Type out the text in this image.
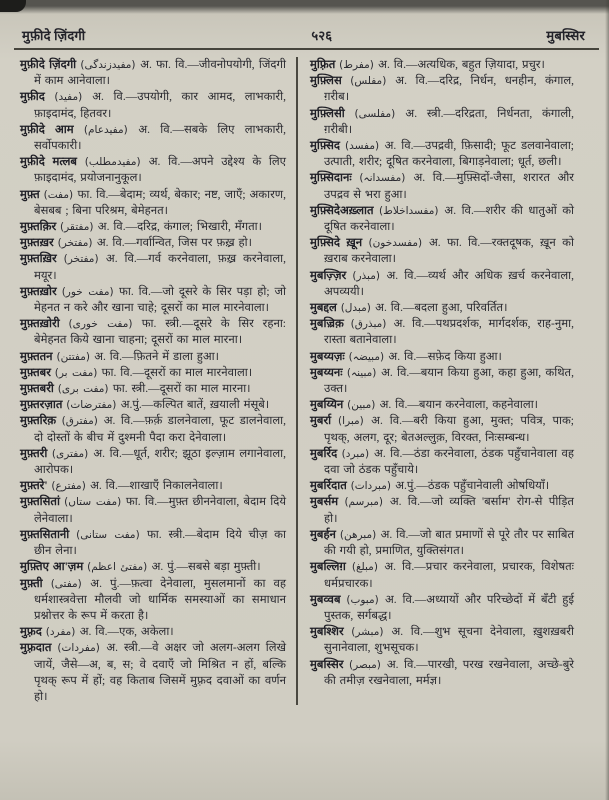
मुफ़ीदे ज़िंदगी	५२६	मुबस्सिर

मुफ़ीदे ज़िंदगी (‎مفیدزندگی‎) अ. फा. वि.—जीवनोपयोगी, जिंदगी में काम आनेवाला।

मुफ़ीद (‎مفید‎) अ. वि.—उपयोगी, कार आमद, लाभकारी, फ़ाइदामंद, हितवर।

मुफ़ीदे आम (‎مفیدعام‎) अ. वि.—सबके लिए लाभकारी, सर्वोपकारी।

मुफ़ीदे मत्लब (‎مفیدمطلب‎) अ. वि.—अपने उद्देश्य के लिए फ़ाइदामंद, प्रयोजनानुकूल।

मुफ़्त (‎مفت‎) फा. वि.—बेदाम; व्यर्थ, बेकार; नष्ट, जाएँ; अकारण, बेसबब ; बिना परिश्रम, बेमेहनत।

मुफ़्तक़िर (‎مفتقر‎) अ. वि.—दरिद्र, कंगाल; भिखारी, मँगता।

मुफ़्तख़र (‎مفتخر‎) अ. वि.—गर्वान्वित, जिस पर फ़ख़्र हो।

मुफ़्तख़िर (‎مفتخر‎) अ. वि.—गर्व करनेवाला, फ़ख़्र करनेवाला, मयूर।

मुफ़्तख़ोर (‎مفت خور‎) फा. वि.—जो दूसरे के सिर पड़ा हो; जो मेहनत न करे और खाना चाहे; दूसरों का माल मारनेवाला।

मुफ़्तख़ोरी (‎مفت خوری‎) फा. स्त्री.—दूसरे के सिर रहना: बेमेहनत किये खाना चाहना; दूसरों का माल मारना।

मुफ़्ततन (‎مفتتن‎) अ. वि.—फ़ितने में डाला हुआ।

मुफ़्तबर (‎مفت بر‎) फा. वि.—दूसरों का माल मारनेवाला।

मुफ़्तबरी (‎مفت بری‎) फा. स्त्री.—दूसरों का माल मारना।

मुफ़्तरज़ात (‎مفترضات‎) अ.पुं.—कल्पित बातें, ख़याली मंसूबे।

मुफ़्तरिक़ (‎مفترق‎) अ. वि.—फ़र्क़ डालनेवाला, फूट डालनेवाला, दो दोस्तों के बीच में दुश्मनी पैदा करा देनेवाला।

मुफ़्तरी (‎مفتری‎) अ. वि.—धूर्त, शरीर; झूठा इल्ज़ाम लगानेवाला, आरोपक।

मुफ़्तरे' (‎مفترع‎) अ. वि.—शाखाएँ निकालनेवाला।

मुफ़्तसितां (‎مفت ستاں‎) फा. वि.—मुफ़्त छीननेवाला, बेदाम दिये लेनेवाला।

मुफ़्तसितानी (‎مفت ستانی‎) फा. स्त्री.—बेदाम दिये चीज़ का छीन लेना।

मुफ़्तिए आ'ज़म (‎مفتئ اعظم‎) अ. पुं.—सबसे बड़ा मुफ़्ती।

मुफ़्ती (‎مفتی‎) अ. पुं.—फ़त्वा देनेवाला, मुसलमानों का वह धर्मशास्त्रवेत्ता मौलवी जो धार्मिक समस्याओं का समाधान प्रश्नोत्तर के रूप में करता है।

मुफ़्रद (‎مفرد‎) अ. वि.—एक, अकेला।

मुफ़्रदात (‎مفردات‎) अ. स्त्री.—वे अक्षर जो अलग-अलग लिखे जायें, जैसे—अ, ब, स; वे दवाएँ जो मिश्रित न हों, बल्कि पृथक् रूप में हों; वह किताब जिसमें मुफ़्रद दवाओं का वर्णन हो।

मुफ़्रित (‎مفرط‎) अ. वि.—अत्यधिक, बहुत ज़ियादा, प्रचुर।

मुफ़्लिस (‎مفلس‎) अ. वि.—दरिद्र, निर्धन, धनहीन, कंगाल, ग़रीब।

मुफ़्लिसी (‎مفلسی‎) अ. स्त्री.—दरिद्रता, निर्धनता, कंगाली, ग़रीबी।

मुफ़्सिद (‎مفسد‎) अ. वि.—उपद्रवी, फ़िसादी; फूट डलवानेवाला; उत्पाती, शरीर; दूषित करनेवाला, बिगाड़नेवाला; धूर्त, छली।

मुफ़्सिदानः (‎مفسدانہ‎) अ. वि.—मुफ़्सिदों-जैसा, शरारत और उपद्रव से भरा हुआ।

मुफ़्सिदेअख़्लात (‎مفسداخلاط‎) अ. वि.—शरीर की धातुओं को दूषित करनेवाला।

मुफ़्सिदे ख़ून (‎مفسدخون‎) अ. फा. वि.—रक्तदूषक, ख़ून को ख़राब करनेवाला।

मुबज़्ज़िर (‎مبذر‎) अ. वि.—व्यर्थ और अधिक ख़र्च करनेवाला, अपव्ययी।

मुबद्दल (‎مبدل‎) अ. वि.—बदला हुआ, परिवर्तित।

मुबज़्रिक़ (‎مبذرق‎) अ. वि.—पथप्रदर्शक, मार्गदर्शक, राह-नुमा, रास्ता बतानेवाला।

मुबय्यज़ः (‎مبیضہ‎) अ. वि.—सफ़ेद किया हुआ।

मुबय्यनः (‎مبینہ‎) अ. वि.—बयान किया हुआ, कहा हुआ, कथित, उक्त।

मुबय्यिन (‎مبین‎) अ. वि.—बयान करनेवाला, कहनेवाला।

मुबर्रा (‎مبرا‎) अ. वि.—बरी किया हुआ, मुक्त; पवित्र, पाक; पृथक्, अलग, दूर; बेतअल्लुक़, विरक्त, निःसम्बन्ध।

मुबर्रिद (‎مبرد‎) अ. वि.—ठंडा करनेवाला, ठंडक पहुँचानेवाला वह दवा जो ठंडक पहुँचाये।

मुबर्रिदात (‎مبردات‎) अ.पुं.—ठंडक पहुँचानेवाली ओषधियाँ।

मुबर्सम (‎مبرسم‎) अ. वि.—जो व्यक्ति 'बर्साम' रोग-से पीड़ित हो।

मुबर्हन (‎مبرهن‎) अ. वि.—जो बात प्रमाणों से पूरे तौर पर साबित की गयी हो, प्रमाणित, युक्तिसंगत।

मुबल्लिग़ (‎مبلغ‎) अ. वि.—प्रचार करनेवाला, प्रचारक, विशेषतः धर्मप्रचारक।

मुबव्वब (‎مبوب‎) अ. वि.—अध्यायों और परिच्छेदों में बँटी हुई पुस्तक, सर्गबद्ध।

मुबश्शिर (‎مبشر‎) अ. वि.—शुभ सूचना देनेवाला, ख़ुशख़बरी सुनानेवाला, शुभसूचक।

मुबस्सिर (‎مبصر‎) अ. वि.—पारखी, परख रखनेवाला, अच्छे-बुरे की तमीज़ रखनेवाला, मर्मज्ञ।
